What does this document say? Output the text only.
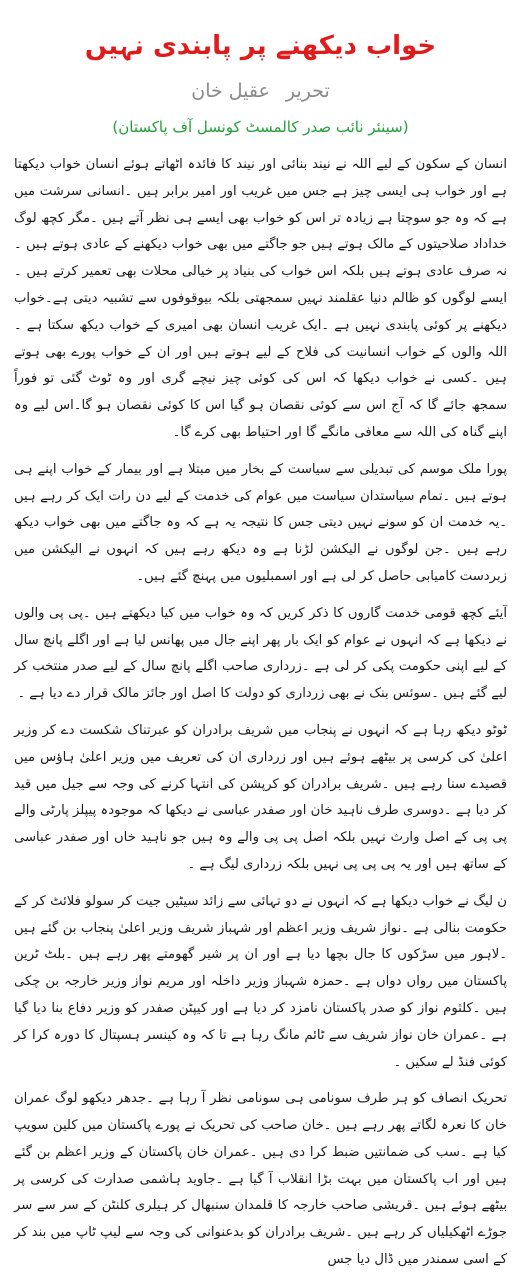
خواب دیکھنے پر پابندی نہیں
تحریر عقیل خان
(سینئر نائب صدر کالمسٹ کونسل آف پاکستان)

انسان کے سکون کے لیے اللہ نے نیند بنائی اور نیند کا فائدہ اٹھاتے ہوئے انسان خواب دیکھتا ہے اور خواب ہی ایسی چیز ہے جس میں غریب اور امیر برابر ہیں ۔انسانی سرشت میں ہے کہ وہ جو سوچتا ہے زیادہ تر اس کو خواب بھی ایسے ہی نظر آتے ہیں ۔مگر کچھ لوگ خداداد صلاحیتوں کے مالک ہوتے ہیں جو جاگتے میں بھی خواب دیکھنے کے عادی ہوتے ہیں ۔نہ صرف عادی ہوتے ہیں بلکہ اس خواب کی بنیاد پر خیالی محلات بھی تعمیر کرتے ہیں ۔ایسے لوگوں کو ظالم دنیا عقلمند نہیں سمجھتی بلکہ بیوقوفوں سے تشبیہ دیتی ہے۔خواب دیکھنے پر کوئی پابندی نہیں ہے ۔ایک غریب انسان بھی امیری کے خواب دیکھ سکتا ہے ۔اللہ والوں کے خواب انسانیت کی فلاح کے لیے ہوتے ہیں اور ان کے خواب پورے بھی ہوتے ہیں ۔کسی نے خواب دیکھا کہ اس کی کوئی چیز نیچے گری اور وہ ٹوٹ گئی تو فوراً سمجھ جائے گا کہ آج اس سے کوئی نقصان ہو گیا اس کا کوئی نقصان ہو گا۔اس لیے وہ اپنے گناہ کی اللہ سے معافی مانگے گا اور احتیاط بھی کرے گا۔

پورا ملک موسم کی تبدیلی سے سیاست کے بخار میں مبتلا ہے اور بیمار کے خواب اپنے ہی ہوتے ہیں ۔تمام سیاستدان سیاست میں عوام کی خدمت کے لیے دن رات ایک کر رہے ہیں ۔یہ خدمت ان کو سونے نہیں دیتی جس کا نتیجہ یہ ہے کہ وہ جاگتے میں بھی خواب دیکھ رہے ہیں ۔جن لوگوں نے الیکشن لڑنا ہے وہ دیکھ رہے ہیں کہ انہوں نے الیکشن میں زبردست کامیابی حاصل کر لی ہے اور اسمبلیوں میں پہنچ گئے ہیں۔

آیئے کچھ قومی خدمت گاروں کا ذکر کریں کہ وہ خواب میں کیا دیکھتے ہیں ۔پی پی والوں نے دیکھا ہے کہ انہوں نے عوام کو ایک بار پھر اپنے جال میں پھانس لیا ہے اور اگلے پانچ سال کے لیے اپنی حکومت پکی کر لی ہے ۔زرداری صاحب اگلے پانچ سال کے لیے صدر منتخب کر لیے گئے ہیں ۔سوئس بنک نے بھی زرداری کو دولت کا اصل اور جائز مالک قرار دے دیا ہے ۔

ٹوٹو دیکھ رہا ہے کہ انہوں نے پنجاب میں شریف برادران کو عبرتناک شکست دے کر وزیر اعلیٰ کی کرسی پر بیٹھے ہوئے ہیں اور زرداری ان کی تعریف میں وزیر اعلیٰ ہاؤس میں قصیدے سنا رہے ہیں ۔شریف برادران کو کرپشن کی انتہا کرنے کی وجہ سے جیل میں قید کر دیا ہے ۔دوسری طرف ناہید خان اور صفدر عباسی نے دیکھا کہ موجودہ پیپلز پارٹی والے پی پی کے اصل وارث نہیں بلکہ اصل پی پی والے وہ ہیں جو ناہید خاں اور صفدر عباسی کے ساتھ ہیں اور یہ پی پی پی نہیں بلکہ زرداری لیگ ہے ۔

ن لیگ نے خواب دیکھا ہے کہ انہوں نے دو تہائی سے زائد سیٹیں جیت کر سولو فلائٹ کر کے حکومت بنالی ہے ۔نواز شریف وزیر اعظم اور شہباز شریف وزیر اعلیٰ پنجاب بن گئے ہیں ۔لاہور میں سڑکوں کا جال بچھا دیا ہے اور ان پر شیر گھومتے پھر رہے ہیں ۔بلٹ ٹرین پاکستان میں رواں دواں ہے ۔حمزہ شہباز وزیر داخلہ اور مریم نواز وزیر خارجہ بن چکی ہیں ۔کلثوم نواز کو صدر پاکستان نامزد کر دیا ہے اور کیپٹن صفدر کو وزیر دفاع بنا دیا گیا ہے ۔عمران خان نواز شریف سے ٹائم مانگ رہا ہے تا کہ وہ کینسر ہسپتال کا دورہ کرا کر کوئی فنڈ لے سکیں ۔

تحریک انصاف کو ہر طرف سونامی ہی سونامی نظر آ رہا ہے ۔جدھر دیکھو لوگ عمران خان کا نعرہ لگاتے پھر رہے ہیں ۔خان صاحب کی تحریک نے پورے پاکستان میں کلین سویپ کیا ہے ۔سب کی ضمانتیں ضبط کرا دی ہیں ۔عمران خان پاکستان کے وزیر اعظم بن گئے ہیں اور اب پاکستان میں بہت بڑا انقلاب آ گیا ہے ۔جاوید ہاشمی صدارت کی کرسی پر بیٹھے ہوئے ہیں ۔قریشی صاحب خارجہ کا قلمدان سنبھال کر ہیلری کلنٹن کے سر سے سر جوڑے اٹھکیلیاں کر رہے ہیں ۔شریف برادران کو بدعنوانی کی وجہ سے لیپ ٹاپ میں بند کر کے اسی سمندر میں ڈال دیا جس
